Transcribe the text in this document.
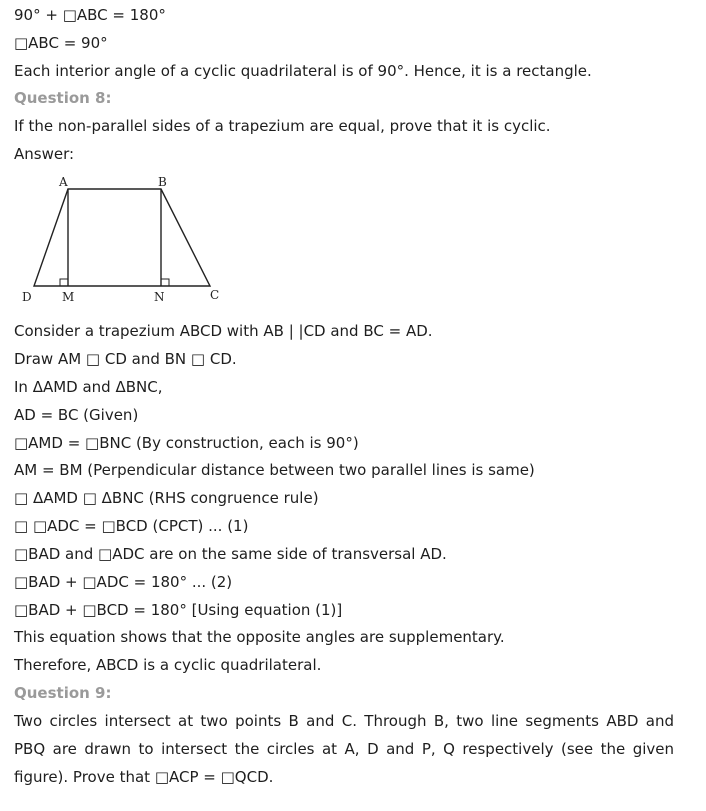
90° + □ABC = 180°
□ABC = 90°
Each interior angle of a cyclic quadrilateral is of 90°. Hence, it is a rectangle.
Question 8:
If the non-parallel sides of a trapezium are equal, prove that it is cyclic.
Answer:
A	B
C
D	M	N
Consider a trapezium ABCD with AB | |CD and BC = AD.
Draw AM □ CD and BN □ CD.
In ΔAMD and ΔBNC,
AD = BC (Given)
□AMD = □BNC (By construction, each is 90°)
AM = BM (Perpendicular distance between two parallel lines is same)
□ ΔAMD □ ΔBNC (RHS congruence rule)
□ □ADC = □BCD (CPCT) ... (1)
□BAD and □ADC are on the same side of transversal AD.
□BAD + □ADC = 180° ... (2)
□BAD + □BCD = 180° [Using equation (1)]
This equation shows that the opposite angles are supplementary.
Therefore, ABCD is a cyclic quadrilateral.
Question 9:
Two circles intersect at two points B and C. Through B, two line segments ABD and
PBQ are drawn to intersect the circles at A, D and P, Q respectively (see the given
figure). Prove that □ACP = □QCD.
